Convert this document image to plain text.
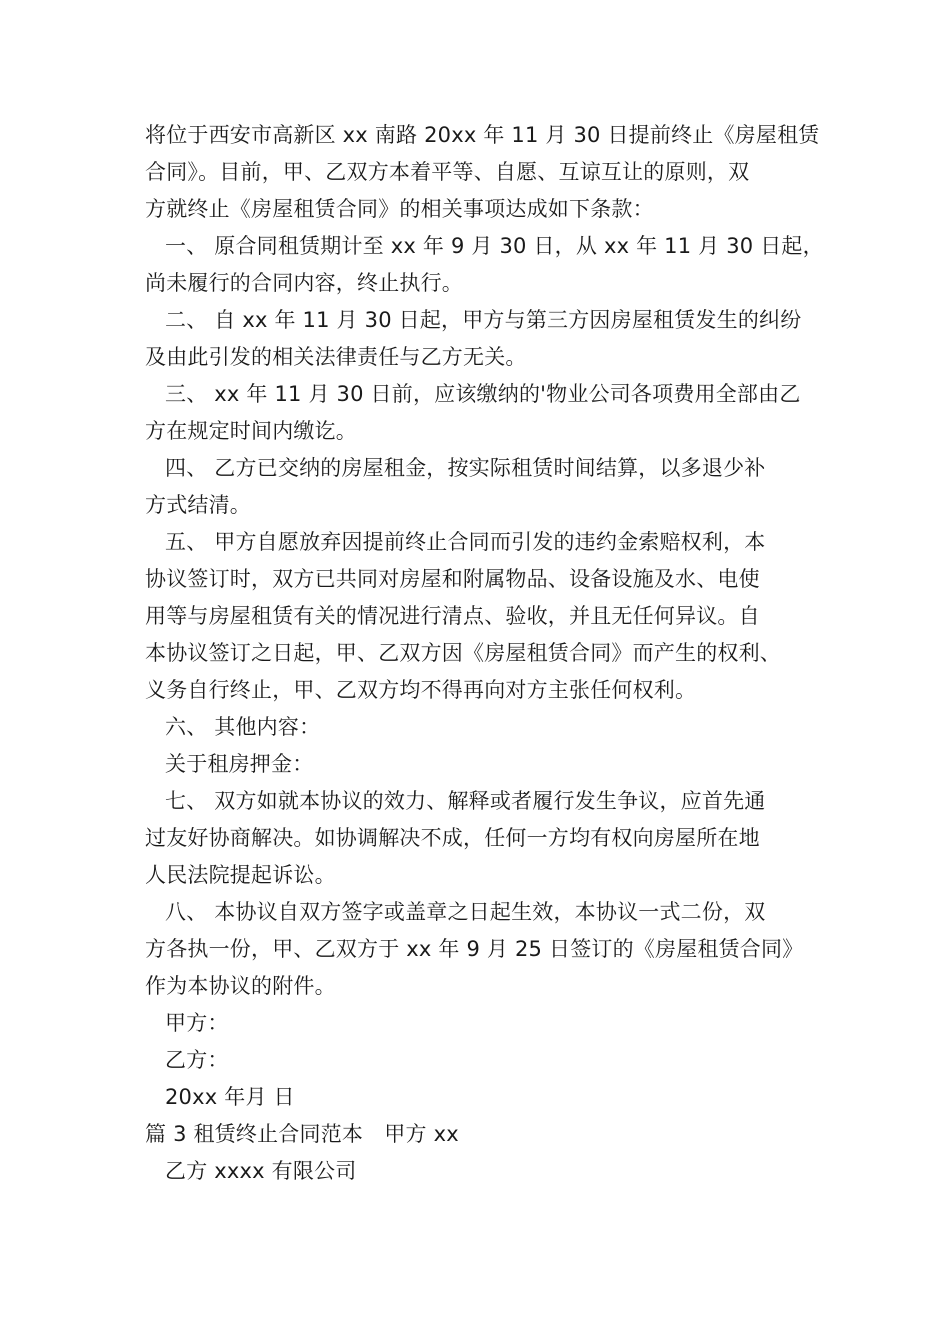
将位于西安市高新区 xx 南路 20xx 年 11 月 30 日提前终止《房屋租赁
合同》。目前，甲、乙双方本着平等、自愿、互谅互让的原则，双
方就终止《房屋租赁合同》的相关事项达成如下条款：
一、 原合同租赁期计至 xx 年 9 月 30 日，从 xx 年 11 月 30 日起，
尚未履行的合同内容，终止执行。
二、 自 xx 年 11 月 30 日起，甲方与第三方因房屋租赁发生的纠纷
及由此引发的相关法律责任与乙方无关。
三、 xx 年 11 月 30 日前，应该缴纳的'物业公司各项费用全部由乙
方在规定时间内缴讫。
四、 乙方已交纳的房屋租金，按实际租赁时间结算，以多退少补
方式结清。
五、 甲方自愿放弃因提前终止合同而引发的违约金索赔权利，本
协议签订时，双方已共同对房屋和附属物品、设备设施及水、电使
用等与房屋租赁有关的情况进行清点、验收，并且无任何异议。自
本协议签订之日起，甲、乙双方因《房屋租赁合同》而产生的权利、
义务自行终止，甲、乙双方均不得再向对方主张任何权利。
六、 其他内容：
关于租房押金：
七、 双方如就本协议的效力、解释或者履行发生争议，应首先通
过友好协商解决。如协调解决不成，任何一方均有权向房屋所在地
人民法院提起诉讼。
八、 本协议自双方签字或盖章之日起生效，本协议一式二份，双
方各执一份，甲、乙双方于 xx 年 9 月 25 日签订的《房屋租赁合同》
作为本协议的附件。
甲方：
乙方：
20xx 年月 日
篇 3 租赁终止合同范本　甲方 xx
乙方 xxxx 有限公司
